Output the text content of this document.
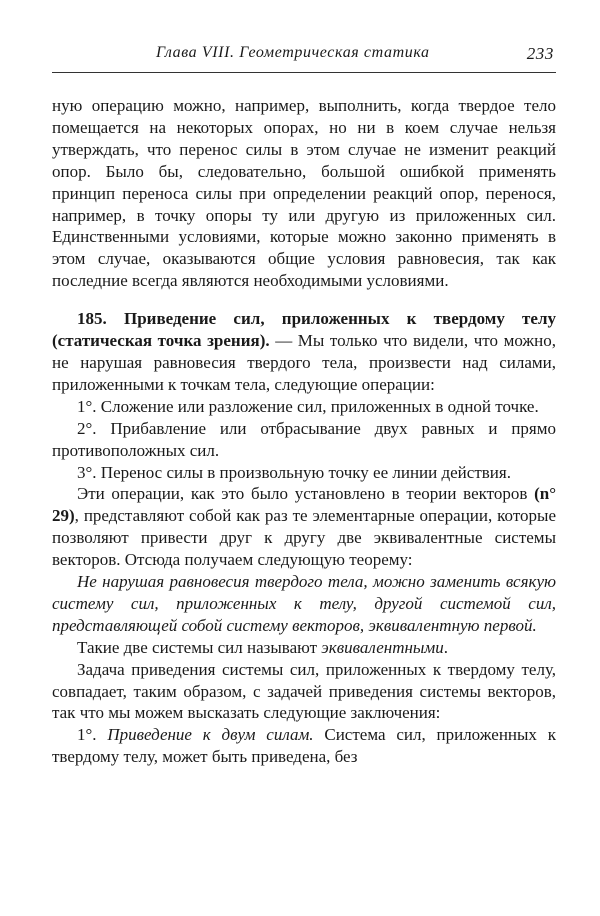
Глава VIII. Геометрическая статика	233

ную операцию можно, например, выполнить, когда твердое тело помещается на некоторых опорах, но ни в коем случае нельзя утверждать, что перенос силы в этом случае не изменит реакций опор. Было бы, следовательно, большой ошибкой применять принцип переноса силы при определении реакций опор, перенося, например, в точку опоры ту или другую из приложенных сил. Единственными условиями, которые можно законно применять в этом случае, оказываются общие условия равновесия, так как последние всегда являются необходимыми условиями.

185. Приведение сил, приложенных к твердому телу (статическая точка зрения). — Мы только что видели, что можно, не нарушая равновесия твердого тела, произвести над силами, приложенными к точкам тела, следующие операции:

1°. Сложение или разложение сил, приложенных в одной точке.

2°. Прибавление или отбрасывание двух равных и прямо противоположных сил.

3°. Перенос силы в произвольную точку ее линии действия.

Эти операции, как это было установлено в теории векторов (n° 29), представляют собой как раз те элементарные операции, которые позволяют привести друг к другу две эквивалентные системы векторов. Отсюда получаем следующую теорему:

Не нарушая равновесия твердого тела, можно заменить всякую систему сил, приложенных к телу, другой системой сил, представляющей собой систему векторов, эквивалентную первой.

Такие две системы сил называют эквивалентными.

Задача приведения системы сил, приложенных к твердому телу, совпадает, таким образом, с задачей приведения системы векторов, так что мы можем высказать следующие заключения:

1°. Приведение к двум силам. Система сил, приложенных к твердому телу, может быть приведена, без
